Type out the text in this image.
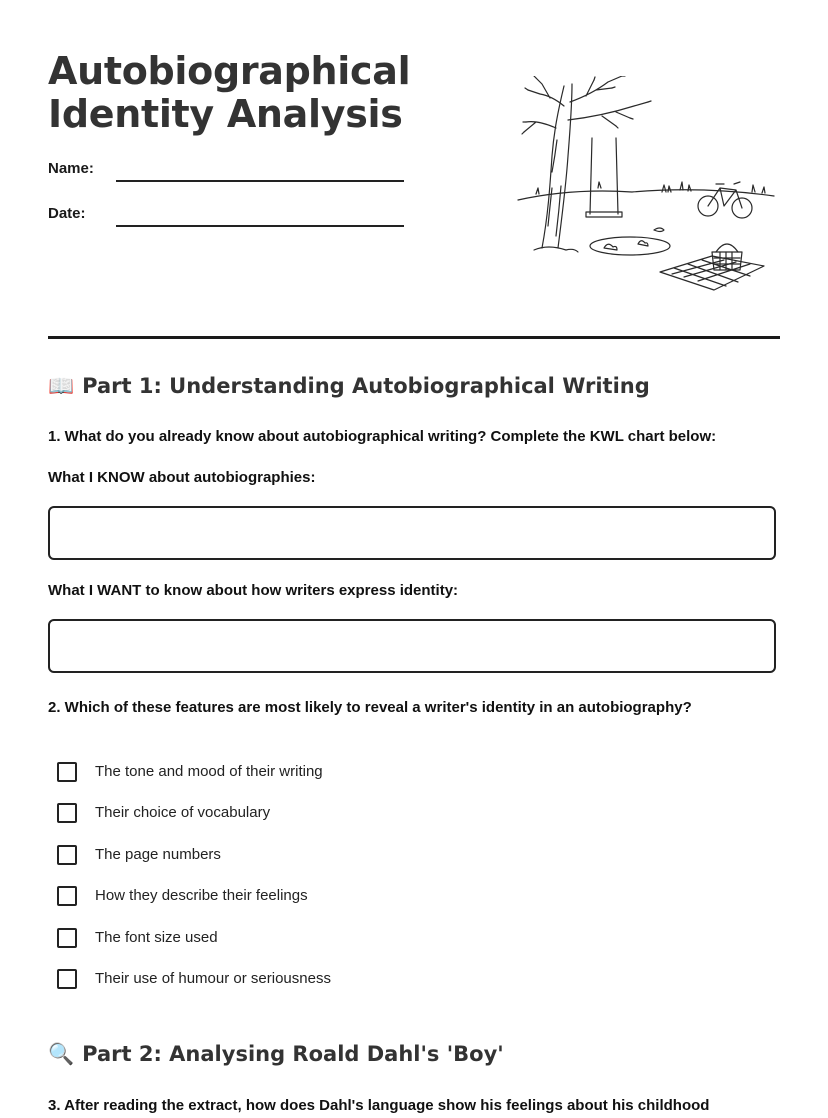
Autobiographical
Identity Analysis
Name:
Date:
📖 Part 1: Understanding Autobiographical Writing

1. What do you already know about autobiographical writing? Complete the KWL chart below:

What I KNOW about autobiographies:

What I WANT to know about how writers express identity:

2. Which of these features are most likely to reveal a writer's identity in an autobiography?

The tone and mood of their writing
Their choice of vocabulary
The page numbers
How they describe their feelings
The font size used
Their use of humour or seriousness
🔍 Part 2: Analysing Roald Dahl's 'Boy'

3. After reading the extract, how does Dahl's language show his feelings about his childhood
